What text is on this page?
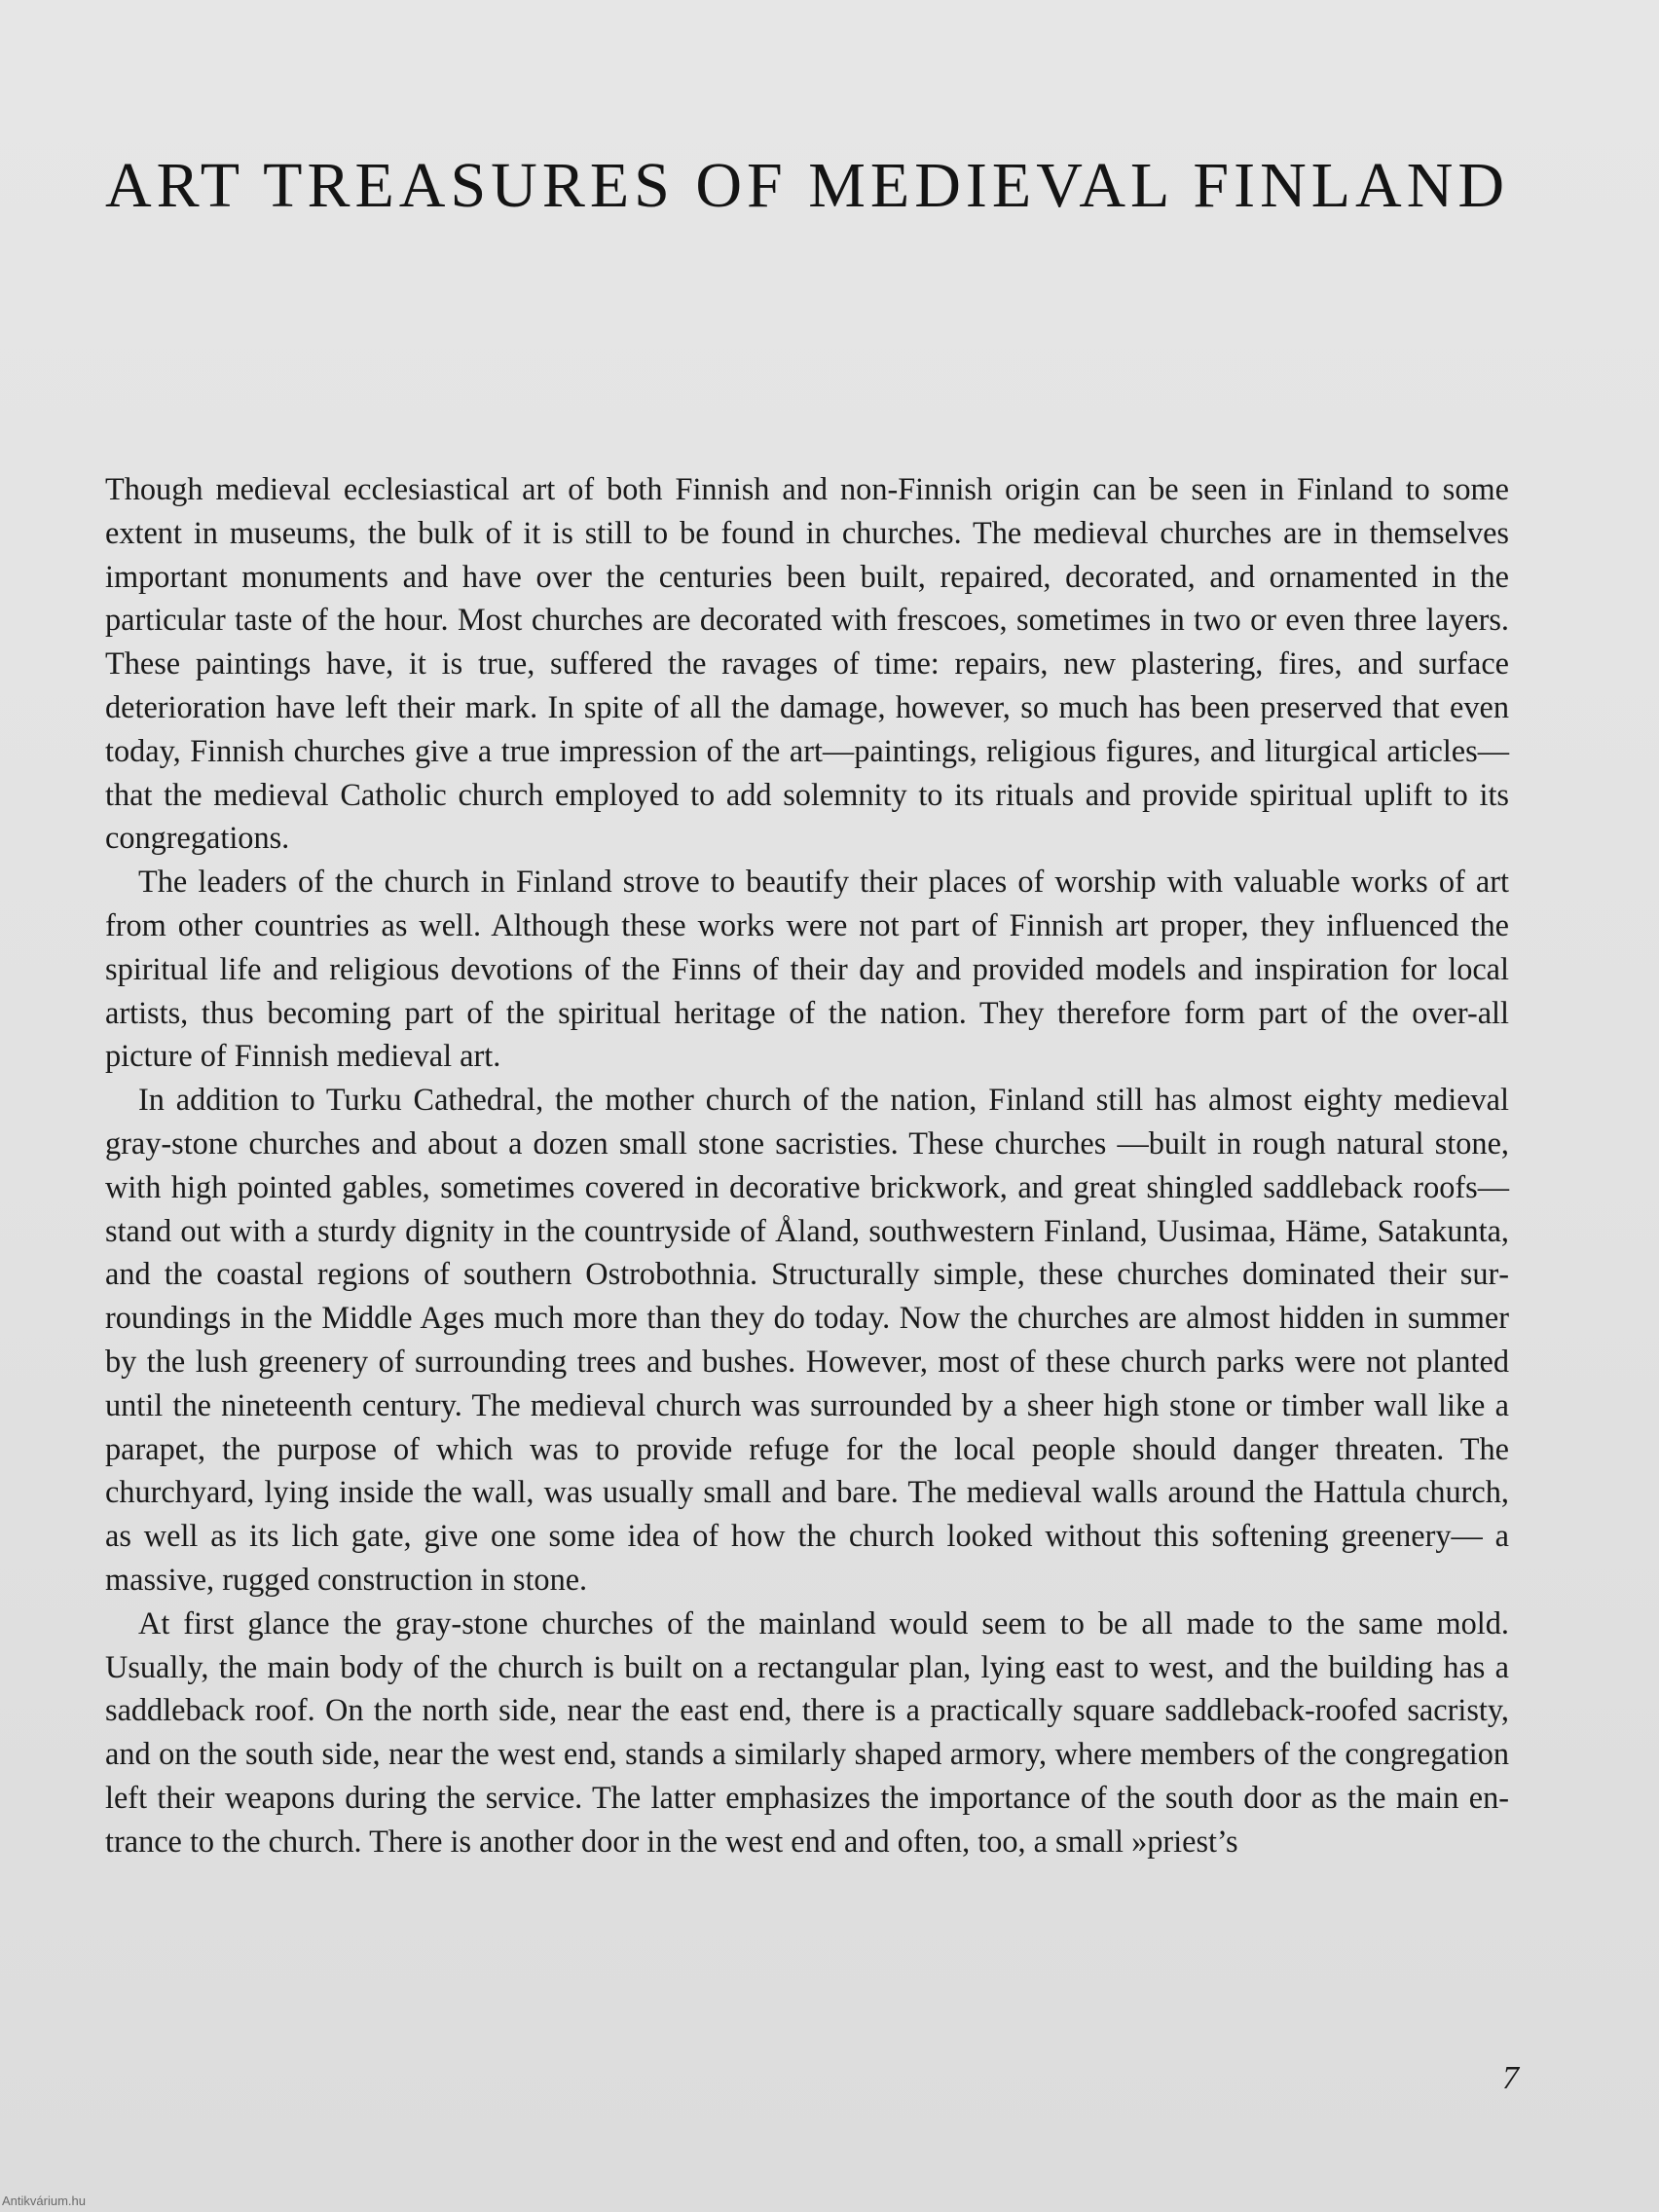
ART TREASURES OF MEDIEVAL FINLAND

Though medieval ecclesiastical art of both Finnish and non-Finnish origin can be seen in Finland to some extent in museums, the bulk of it is still to be found in churches. The medieval churches are in themselves important monuments and have over the centuries been built, repaired, decorated, and ornamented in the particular taste of the hour. Most churches are decorated with frescoes, sometimes in two or even three layers. These paintings have, it is true, suffered the ravages of time: repairs, new plastering, fires, and surface deterioration have left their mark. In spite of all the damage, however, so much has been preserved that even today, Finnish churches give a true impression of the art—paintings, religious figures, and liturgical articles—that the medieval Catholic church employed to add solemnity to its rituals and provide spiritual uplift to its congregations.

The leaders of the church in Finland strove to beautify their places of worship with valuable works of art from other countries as well. Although these works were not part of Finnish art proper, they influenced the spiritual life and religious devotions of the Finns of their day and provided models and inspiration for local artists, thus becoming part of the spiritual heritage of the nation. They therefore form part of the over-all picture of Finnish medieval art.

In addition to Turku Cathedral, the mother church of the nation, Finland still has almost eighty medieval gray-stone churches and about a dozen small stone sacristies. These churches —built in rough natural stone, with high pointed gables, sometimes covered in decorative brickwork, and great shingled saddleback roofs—stand out with a sturdy dignity in the countryside of Åland, southwestern Finland, Uusimaa, Häme, Satakunta, and the coastal regions of southern Ostrobothnia. Structurally simple, these churches dominated their surroundings in the Middle Ages much more than they do today. Now the churches are almost hidden in summer by the lush greenery of surrounding trees and bushes. However, most of these church parks were not planted until the nineteenth century. The medieval church was surrounded by a sheer high stone or timber wall like a parapet, the purpose of which was to provide refuge for the local people should danger threaten. The churchyard, lying inside the wall, was usually small and bare. The medieval walls around the Hattula church, as well as its lich gate, give one some idea of how the church looked without this softening greenery— a massive, rugged construction in stone.

At first glance the gray-stone churches of the mainland would seem to be all made to the same mold. Usually, the main body of the church is built on a rectangular plan, lying east to west, and the building has a saddleback roof. On the north side, near the east end, there is a practically square saddleback-roofed sacristy, and on the south side, near the west end, stands a similarly shaped armory, where members of the congregation left their weapons during the service. The latter emphasizes the importance of the south door as the main entrance to the church. There is another door in the west end and often, too, a small »priest’s

7
Antikvárium.hu
